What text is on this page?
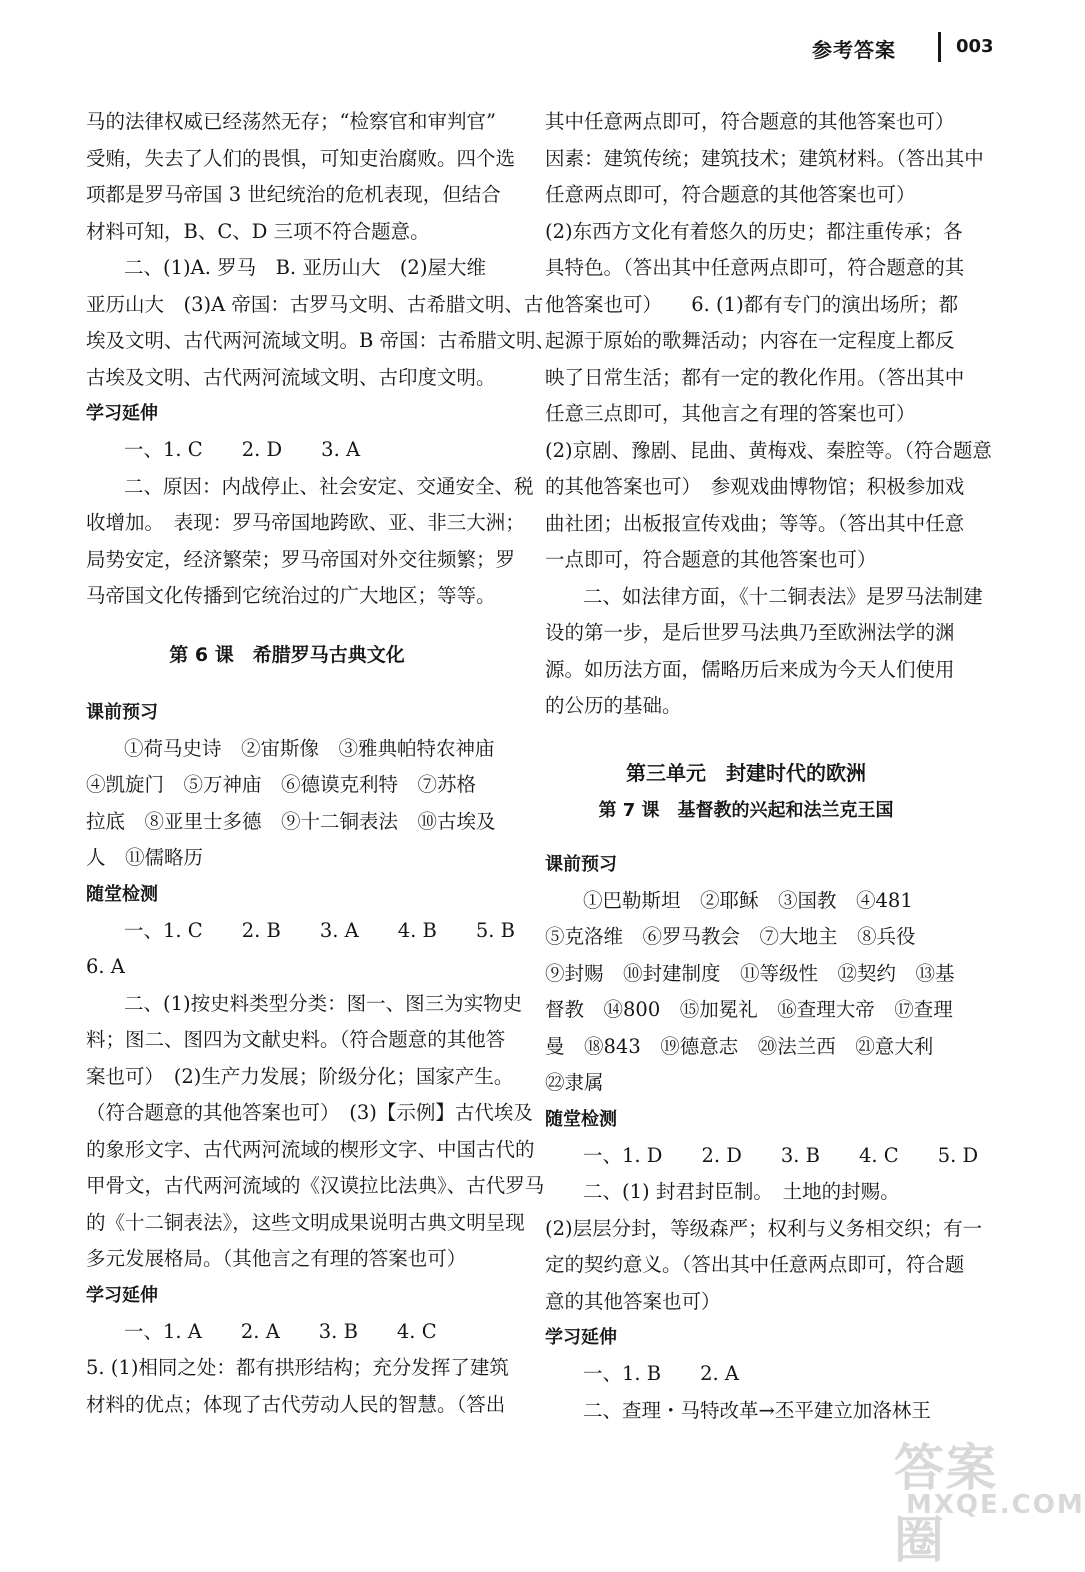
参考答案	003
马的法律权威已经荡然无存；“检察官和审判官”
受贿，失去了人们的畏惧，可知吏治腐败。四个选
项都是罗马帝国 3 世纪统治的危机表现，但结合
材料可知，B、C、D 三项不符合题意。
二、(1)A. 罗马　B. 亚历山大　(2)屋大维
亚历山大　(3)A 帝国：古罗马文明、古希腊文明、古
埃及文明、古代两河流域文明。B 帝国：古希腊文明、
古埃及文明、古代两河流域文明、古印度文明。
学习延伸
一、1. C　　2. D　　3. A
二、原因：内战停止、社会安定、交通安全、税
收增加。　表现：罗马帝国地跨欧、亚、非三大洲；
局势安定，经济繁荣；罗马帝国对外交往频繁；罗
马帝国文化传播到它统治过的广大地区；等等。
第 6 课　希腊罗马古典文化
课前预习
①荷马史诗　②宙斯像　③雅典帕特农神庙
④凯旋门　⑤万神庙　⑥德谟克利特　⑦苏格
拉底　⑧亚里士多德　⑨十二铜表法　⑩古埃及
人　⑪儒略历
随堂检测
一、1. C　　2. B　　3. A　　4. B　　5. B
6. A
二、(1)按史料类型分类：图一、图三为实物史
料；图二、图四为文献史料。（符合题意的其他答
案也可）　(2)生产力发展；阶级分化；国家产生。
（符合题意的其他答案也可）　(3)【示例】古代埃及
的象形文字、古代两河流域的楔形文字、中国古代的
甲骨文，古代两河流域的《汉谟拉比法典》、古代罗马
的《十二铜表法》，这些文明成果说明古典文明呈现
多元发展格局。（其他言之有理的答案也可）
学习延伸
一、1. A　　2. A　　3. B　　4. C
5. (1)相同之处：都有拱形结构；充分发挥了建筑
材料的优点；体现了古代劳动人民的智慧。（答出
其中任意两点即可，符合题意的其他答案也可）
因素：建筑传统；建筑技术；建筑材料。（答出其中
任意两点即可，符合题意的其他答案也可）
(2)东西方文化有着悠久的历史；都注重传承；各
具特色。（答出其中任意两点即可，符合题意的其
他答案也可）　　6. (1)都有专门的演出场所；都
起源于原始的歌舞活动；内容在一定程度上都反
映了日常生活；都有一定的教化作用。（答出其中
任意三点即可，其他言之有理的答案也可）
(2)京剧、豫剧、昆曲、黄梅戏、秦腔等。（符合题意
的其他答案也可）　参观戏曲博物馆；积极参加戏
曲社团；出板报宣传戏曲；等等。（答出其中任意
一点即可，符合题意的其他答案也可）
二、如法律方面，《十二铜表法》是罗马法制建
设的第一步，是后世罗马法典乃至欧洲法学的渊
源。如历法方面，儒略历后来成为今天人们使用
的公历的基础。
第三单元　封建时代的欧洲
第 7 课　基督教的兴起和法兰克王国
课前预习
①巴勒斯坦　②耶稣　③国教　④481
⑤克洛维　⑥罗马教会　⑦大地主　⑧兵役
⑨封赐　⑩封建制度　⑪等级性　⑫契约　⑬基
督教　⑭800　⑮加冕礼　⑯查理大帝　⑰查理
曼　⑱843　⑲德意志　⑳法兰西　㉑意大利
㉒隶属
随堂检测
一、1. D　　2. D　　3. B　　4. C　　5. D
二、(1) 封君封臣制。　土地的封赐。
(2)层层分封，等级森严；权利与义务相交织；有一
定的契约意义。（答出其中任意两点即可，符合题
意的其他答案也可）
学习延伸
一、1. B　　2. A
二、查理・马特改革→丕平建立加洛林王
答案圈
MXQE.COM
